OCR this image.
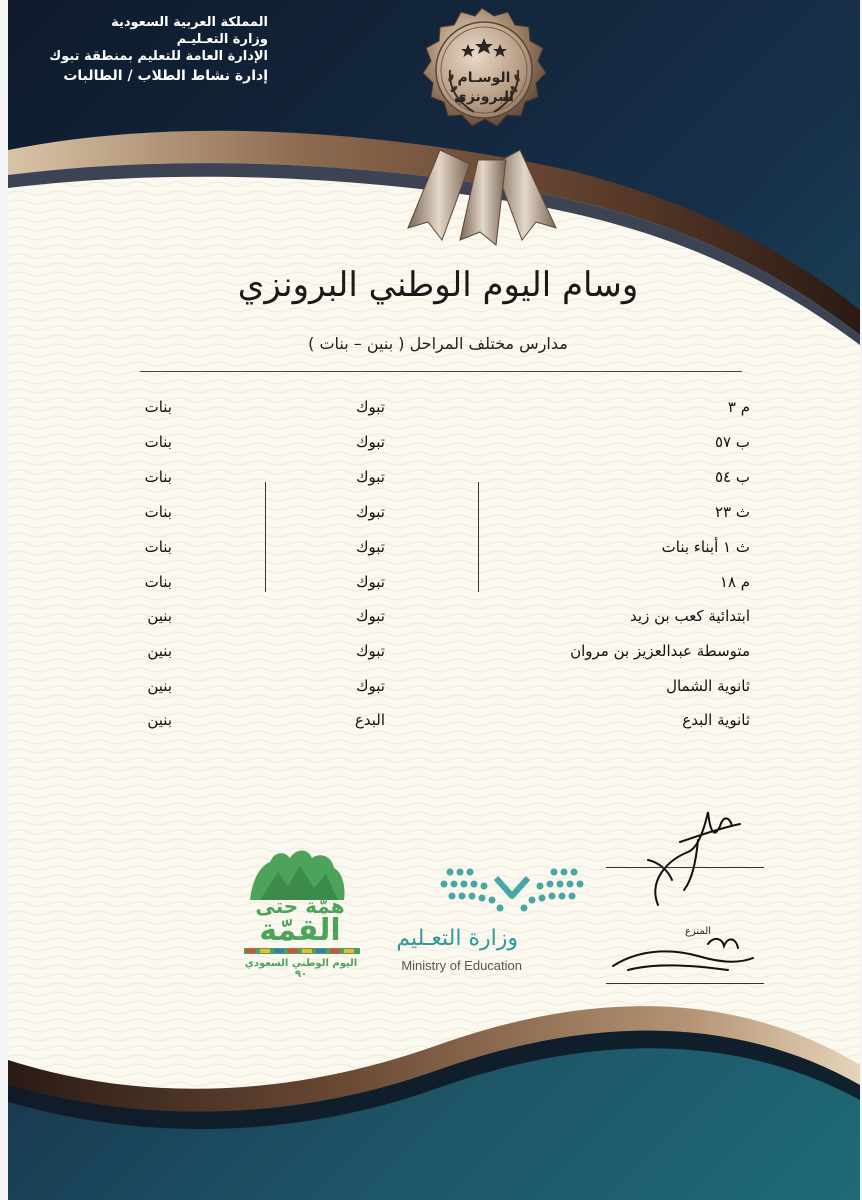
الوسـام
البرونزي
المنزع
المملكة العربية السعودية
وزارة التعـليـم
الإدارة العامة للتعليم بمنطقة تبوك
إدارة نشاط الطلاب / الطالبات
وسام اليوم الوطني البرونزي
مدارس مختلف المراحل ( بنين – بنات )
م ٣
تبوك
بنات
ب ٥٧
تبوك
بنات
ب ٥٤
تبوك
بنات
ث ٢٣
تبوك
بنات
ث ١ أبناء بنات
تبوك
بنات
م ١٨
تبوك
بنات
ابتدائية كعب بن زيد
تبوك
بنين
متوسطة عبدالعزيز بن مروان
تبوك
بنين
ثانوية الشمال
تبوك
بنين
ثانوية البدع
البدع
بنين
وزارة التعـليم
Ministry of Education
همّة حتى
القمّة
اليوم الوطني السعودي ٩٠
